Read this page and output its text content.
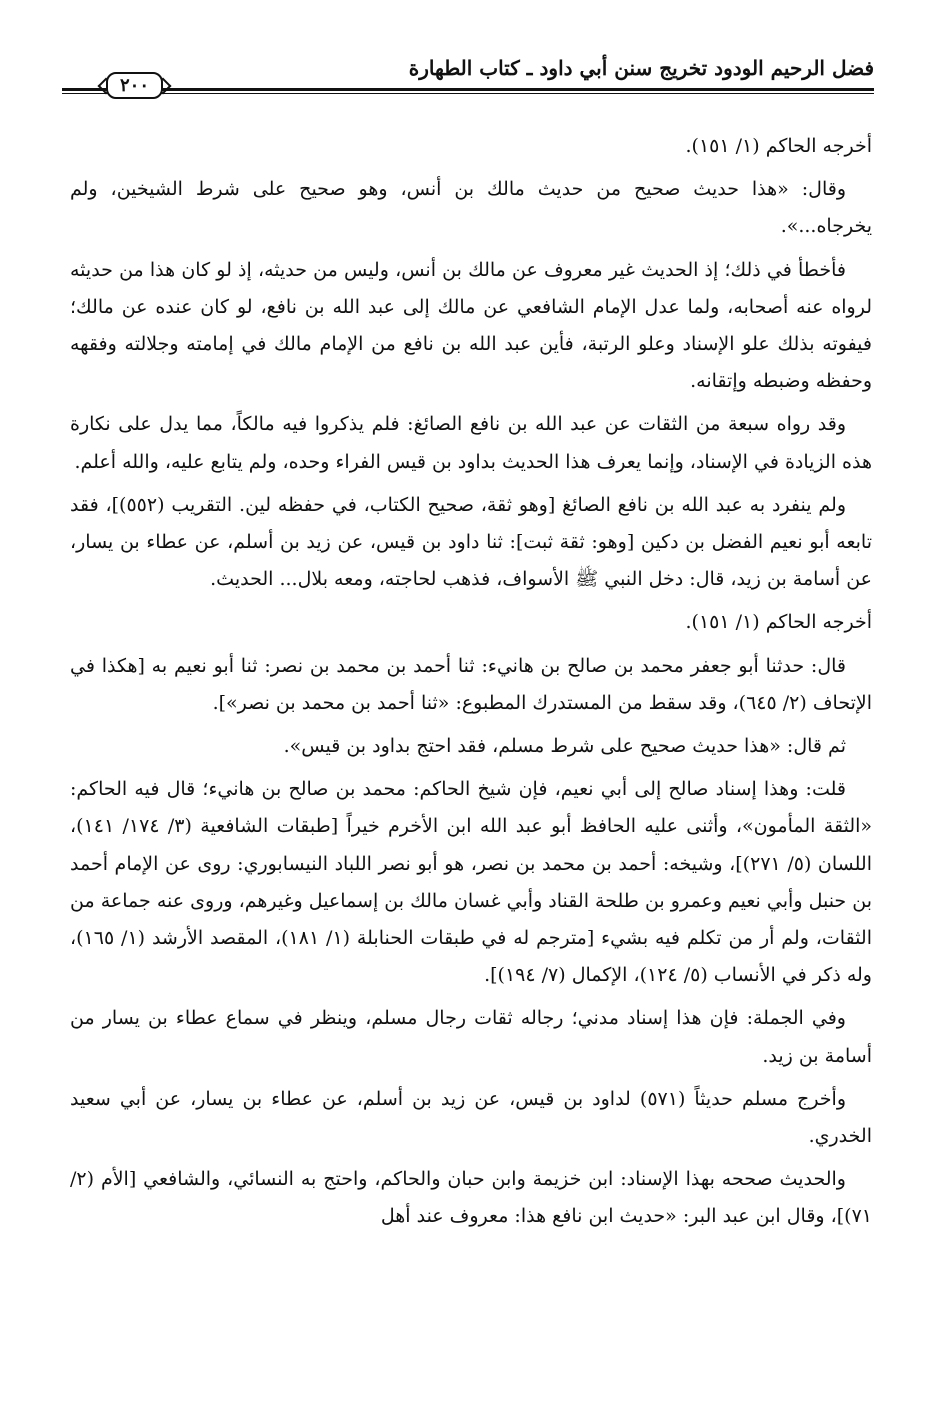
فضل الرحيم الودود تخريج سنن أبي داود ـ كتاب الطهارة
٢٠٠

أخرجه الحاكم (١/ ١٥١).

وقال: «هذا حديث صحيح من حديث مالك بن أنس، وهو صحيح على شرط الشيخين، ولم يخرجاه...».

فأخطأ في ذلك؛ إذ الحديث غير معروف عن مالك بن أنس، وليس من حديثه، إذ لو كان هذا من حديثه لرواه عنه أصحابه، ولما عدل الإمام الشافعي عن مالك إلى عبد الله بن نافع، لو كان عنده عن مالك؛ فيفوته بذلك علو الإسناد وعلو الرتبة، فأين عبد الله بن نافع من الإمام مالك في إمامته وجلالته وفقهه وحفظه وضبطه وإتقانه.

وقد رواه سبعة من الثقات عن عبد الله بن نافع الصائغ: فلم يذكروا فيه مالكاً، مما يدل على نكارة هذه الزيادة في الإسناد، وإنما يعرف هذا الحديث بداود بن قيس الفراء وحده، ولم يتابع عليه، والله أعلم.

ولم ينفرد به عبد الله بن نافع الصائغ [وهو ثقة، صحيح الكتاب، في حفظه لين. التقريب (٥٥٢)]، فقد تابعه أبو نعيم الفضل بن دكين [وهو: ثقة ثبت]: ثنا داود بن قيس، عن زيد بن أسلم، عن عطاء بن يسار، عن أسامة بن زيد، قال: دخل النبي ﷺ الأسواف، فذهب لحاجته، ومعه بلال... الحديث.

أخرجه الحاكم (١/ ١٥١).

قال: حدثنا أبو جعفر محمد بن صالح بن هانيء: ثنا أحمد بن محمد بن نصر: ثنا أبو نعيم به [هكذا في الإتحاف (٢/ ٦٤٥)، وقد سقط من المستدرك المطبوع: «ثنا أحمد بن محمد بن نصر»].

ثم قال: «هذا حديث صحيح على شرط مسلم، فقد احتج بداود بن قيس».

قلت: وهذا إسناد صالح إلى أبي نعيم، فإن شيخ الحاكم: محمد بن صالح بن هانيء؛ قال فيه الحاكم: «الثقة المأمون»، وأثنى عليه الحافظ أبو عبد الله ابن الأخرم خيراً [طبقات الشافعية (٣/ ١٧٤/ ١٤١)، اللسان (٥/ ٢٧١)]، وشيخه: أحمد بن محمد بن نصر، هو أبو نصر اللباد النيسابوري: روى عن الإمام أحمد بن حنبل وأبي نعيم وعمرو بن طلحة القناد وأبي غسان مالك بن إسماعيل وغيرهم، وروى عنه جماعة من الثقات، ولم أر من تكلم فيه بشيء [مترجم له في طبقات الحنابلة (١/ ١٨١)، المقصد الأرشد (١/ ١٦٥)، وله ذكر في الأنساب (٥/ ١٢٤)، الإكمال (٧/ ١٩٤)].

وفي الجملة: فإن هذا إسناد مدني؛ رجاله ثقات رجال مسلم، وينظر في سماع عطاء بن يسار من أسامة بن زيد.

وأخرج مسلم حديثاً (٥٧١) لداود بن قيس، عن زيد بن أسلم، عن عطاء بن يسار، عن أبي سعيد الخدري.

والحديث صححه بهذا الإسناد: ابن خزيمة وابن حبان والحاكم، واحتج به النسائي، والشافعي [الأم (٢/ ٧١)]، وقال ابن عبد البر: «حديث ابن نافع هذا: معروف عند أهل
